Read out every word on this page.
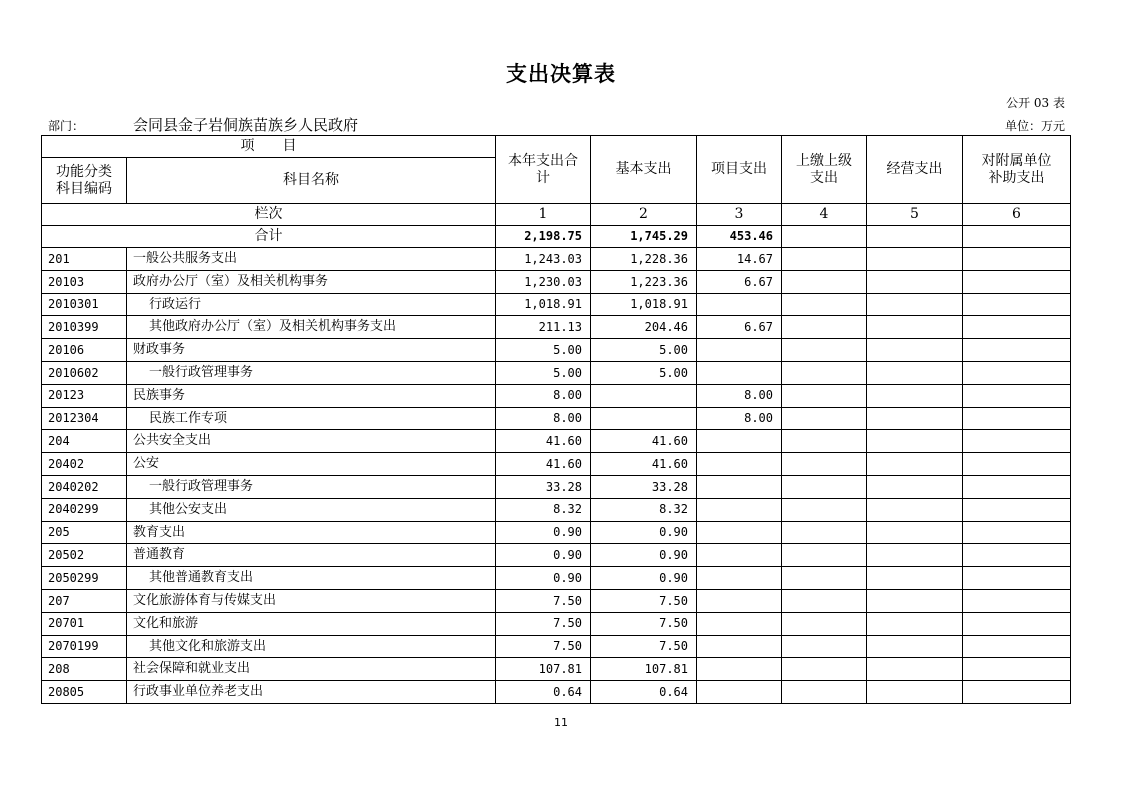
支出决算表
公开 03 表
部门：	会同县金子岩侗族苗族乡人民政府	单位：万元
项　　目		本年支出合计	基本支出	项目支出	上缴上级支出	经营支出	对附属单位补助支出
功能分类科目编码	科目名称						
栏次		1	2	3	4	5	6
合计		2,198.75	1,745.29	453.46			
201	一般公共服务支出	1,243.03	1,228.36	14.67			
20103	政府办公厅（室）及相关机构事务	1,230.03	1,223.36	6.67			
2010301	行政运行	1,018.91	1,018.91				
2010399	其他政府办公厅（室）及相关机构事务支出	211.13	204.46	6.67			
20106	财政事务	5.00	5.00				
2010602	一般行政管理事务	5.00	5.00				
20123	民族事务	8.00		8.00			
2012304	民族工作专项	8.00		8.00			
204	公共安全支出	41.60	41.60				
20402	公安	41.60	41.60				
2040202	一般行政管理事务	33.28	33.28				
2040299	其他公安支出	8.32	8.32				
205	教育支出	0.90	0.90				
20502	普通教育	0.90	0.90				
2050299	其他普通教育支出	0.90	0.90				
207	文化旅游体育与传媒支出	7.50	7.50				
20701	文化和旅游	7.50	7.50				
2070199	其他文化和旅游支出	7.50	7.50				
208	社会保障和就业支出	107.81	107.81				
20805	行政事业单位养老支出	0.64	0.64				
11
